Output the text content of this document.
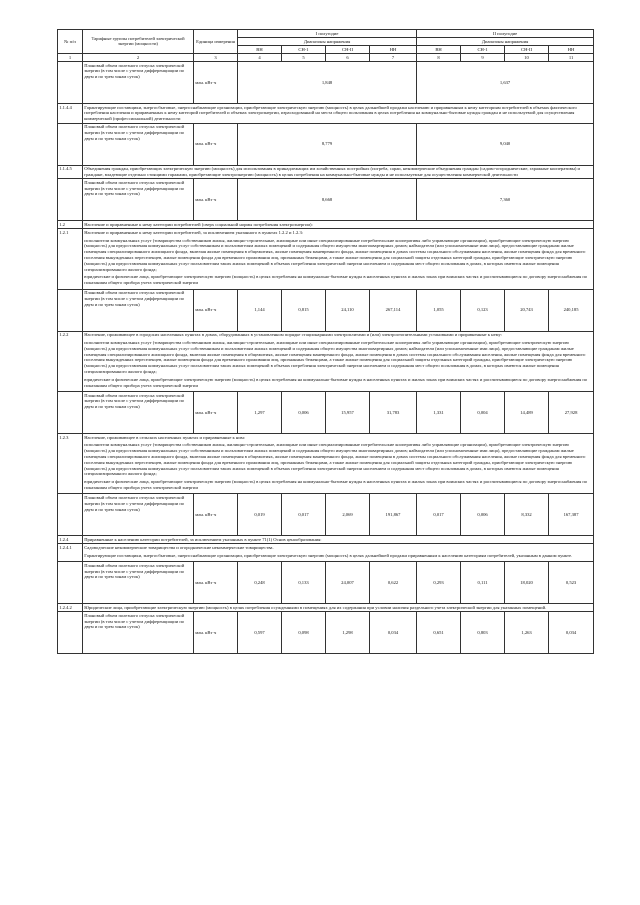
№ п/п	Тарифные группы потребителей электрической энергии (мощности)	Единица измерения	I полугодие				II полугодие			
			Диапазоны напряжения				Диапазоны напряжения			
			ВН	СН-1	СН-II	НН	ВН	СН-1	СН-II	НН
1	2	3	4	5	6	7	8	9	10	11
	Плановый объем полезного отпуска электрической энергии (в том числе с учетом дифференциации по двум и по трем зонам суток)	млн. кВт·ч	1,848				1,637			
1.1.4.4	Гарантирующие поставщики, энергосбытовые, энергоснабжающие организации, приобретающие электрическую энергию (мощность) в целях дальнейшей продажи населению и приравненным к нему категориям потребителей в объемах фактического потребления населения и приравненных к нему категорий потребителей и объемах электроэнергии, израсходованной на места общего пользования в целях потребления на коммунально-бытовые нужды граждан и не используемой для осуществления коммерческой (профессиональной) деятельности									
	Плановый объем полезного отпуска электрической энергии (в том числе с учетом дифференциации по двум и по трем зонам суток)	млн. кВт·ч	8,779				9,040			
1.1.4.5	Объединения граждан, приобретающих электрическую энергию (мощность) для использования в принадлежащих им хозяйственных постройках (погреба, сараи, некоммерческие объединения граждан (садово-огороднические, гаражные кооперативы) и граждане, владеющие отдельно стоящими гаражами, приобретающие электроэнергию (мощность) в целях потребления на коммунально-бытовые нужды и не используемые для осуществления коммерческой деятельности									
	Плановый объем полезного отпуска электрической энергии (в том числе с учетом дифференциации по двум и по трем зонам суток)	млн. кВт·ч	8,668				7,360			
1.2	Население и приравненные к нему категории потребителей (сверх социальной нормы потребления электроэнергии):									
1.2.1	Население и приравненные к нему категории потребителей, за исключением указанного в пунктах 1.2.2 и 1.2.3:
исполнители коммунальных услуг (товарищества собственников жилья, жилищно-строительные, жилищные или иные специализированные потребительские кооперативы либо управляющие организации), приобретающие электрическую энергию (мощность) для предоставления коммунальных услуг собственникам и пользователям жилых помещений и содержания общего имущества многоквартирных домов; наймодатели (или уполномоченные ими лица), предоставляющие гражданам жилые помещения специализированного жилищного фонда, включая жилые помещения в общежитиях, жилые помещения маневренного фонда, жилые помещения в домах системы социального обслуживания населения, жилые помещения фонда для временного поселения вынужденных переселенцев, жилые помещения фонда для временного проживания лиц, признанных беженцами, а также жилые помещения для социальной защиты отдельных категорий граждан, приобретающие электрическую энергию (мощность) для предоставления коммунальных услуг пользователям таких жилых помещений в объемах потребления электрической энергии населением и содержания мест общего пользования в домах, в которых имеются жилые помещения специализированного жилого фонда;
юридические и физические лица, приобретающие электрическую энергию (мощность) в целях потребления на коммунально-бытовые нужды в населенных пунктах и жилых зонах при воинских частях и рассчитывающиеся по договору энергоснабжения по показаниям общего прибора учета электрической энергии									

	Плановый объем полезного отпуска электрической энергии (в том числе с учетом дифференциации по двум и по трем зонам суток)	млн. кВт·ч	1,144	0,815	24,110	267,114	1,055	0,123	20,743	240,185
1.2.2	Население, проживающее в городских населенных пунктах в домах, оборудованных в установленном порядке стационарными электроплитами и (или) электроотопительными установками и приравненные к нему:
исполнители коммунальных услуг (товарищества собственников жилья, жилищно-строительные, жилищные или иные специализированные потребительские кооперативы либо управляющие организации), приобретающие электрическую энергию (мощность) для предоставления коммунальных услуг собственникам и пользователям жилых помещений и содержания общего имущества многоквартирных домов; наймодатели (или уполномоченные ими лица), предоставляющие гражданам жилые помещения специализированного жилищного фонда, включая жилые помещения в общежитиях, жилые помещения маневренного фонда, жилые помещения в домах системы социального обслуживания населения, жилые помещения фонда для временного поселения вынужденных переселенцев, жилые помещения фонда для временного проживания лиц, признанных беженцами, а также жилые помещения для социальной защиты отдельных категорий граждан, приобретающие электрическую энергию (мощность) для предоставления коммунальных услуг пользователям таких жилых помещений в объемах потребления электрической энергии населением и содержания мест общего пользования в домах, в которых имеются жилые помещения специализированного жилого фонда;
юридические и физические лица, приобретающие электрическую энергию (мощность) в целях потребления на коммунально-бытовые нужды в населенных пунктах и жилых зонах при воинских частях и рассчитывающиеся по договору энергоснабжения по показаниям общего прибора учета электрической энергии									

	Плановый объем полезного отпуска электрической энергии (в том числе с учетом дифференциации по двум и по трем зонам суток)	млн. кВт·ч	1,297	0,006	15,957	31,783	1,331	0,004	14,489	27,928
1.2.3	Население, проживающее в сельских населенных пунктах и приравненные к ним:
исполнители коммунальных услуг (товарищества собственников жилья, жилищно-строительные, жилищные или иные специализированные потребительские кооперативы либо управляющие организации), приобретающие электрическую энергию (мощность) для предоставления коммунальных услуг собственникам и пользователям жилых помещений и содержания общего имущества многоквартирных домов; наймодатели (или уполномоченные ими лица), предоставляющие гражданам жилые помещения специализированного жилищного фонда, включая жилые помещения в общежитиях, жилые помещения маневренного фонда, жилые помещения в домах системы социального обслуживания населения, жилые помещения фонда для временного поселения вынужденных переселенцев, жилые помещения фонда для временного проживания лиц, признанных беженцами, а также жилые помещения для социальной защиты отдельных категорий граждан, приобретающие электрическую энергию (мощность) для предоставления коммунальных услуг пользователям таких жилых помещений в объемах потребления электрической энергии населением и содержания мест общего пользования в домах, в которых имеются жилые помещения специализированного жилого фонда;
юридические и физические лица, приобретающие электрическую энергию (мощность) в целях потребления на коммунально-бытовые нужды в населенных пунктах и жилых зонах при воинских частях и рассчитывающиеся по договору энергоснабжения по показаниям общего прибора учета электрической энергии									

	Плановый объем полезного отпуска электрической энергии (в том числе с учетом дифференциации по двум и по трем зонам суток)	млн. кВт·ч	0,019	0,017	2,069	191,867	0,017	0,006	8,332	167,387
1.2.4	Приравненные к населению категории потребителей, за исключением указанных в пункте 71(1) Основ ценообразования:									
1.2.4.1	Садоводческие некоммерческие товарищества и огороднические некоммерческие товарищества.
Гарантирующие поставщики, энергосбытовые, энергоснабжающие организации, приобретающие электрическую энергию (мощность) в целях дальнейшей продажи приравненным к населению категориям потребителей, указанным в данном пункте.									

	Плановый объем полезного отпуска электрической энергии (в том числе с учетом дифференциации по двум и по трем зонам суток)	млн. кВт·ч	0,248	0,133	24,007	0,622	0,293	0,111	18,020	0,523
1.2.4.2	Юридические лица, приобретающие электрическую энергию (мощность) в целях потребления осужденными в помещениях для их содержания при условии наличия раздельного учета электрической энергии для указанных помещений.									
	Плановый объем полезного отпуска электрической энергии (в том числе с учетом дифференциации по двум и по трем зонам суток)	млн. кВт·ч	0,597	0,098	1,298	0,034	0,651	0,803	1,263	0,034
